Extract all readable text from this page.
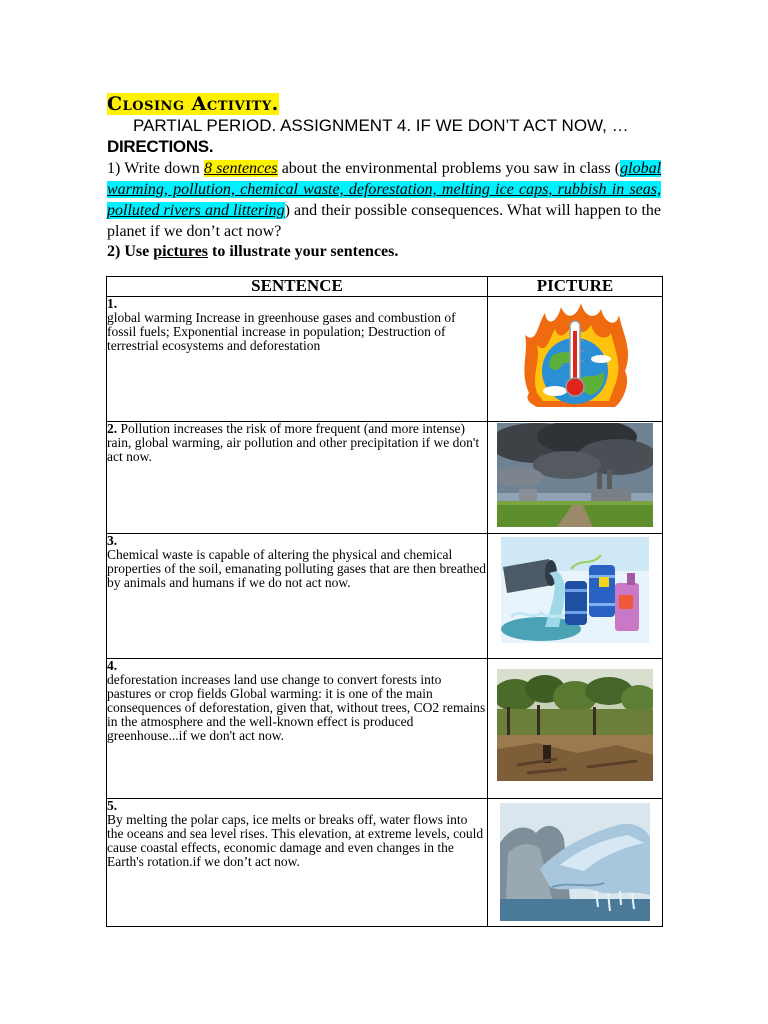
Closing Activity.
PARTIAL PERIOD. ASSIGNMENT 4. IF WE DON’T ACT NOW, …
DIRECTIONS.
1) Write down 8 sentences about the environmental problems you saw in class (global warming, pollution, chemical waste, deforestation, melting ice caps, rubbish in seas, polluted rivers and littering) and their possible consequences. What will happen to the planet if we don’t act now?
2) Use pictures to illustrate your sentences.
SENTENCE	PICTURE
1.
global warming Increase in greenhouse gases and combustion of fossil fuels; Exponential increase in population; Destruction of terrestrial ecosystems and deforestation	

2. Pollution increases the risk of more frequent (and more intense) rain, global warming, air pollution and other precipitation if we don't act now.	

3.
Chemical waste is capable of altering the physical and chemical properties of the soil, emanating polluting gases that are then breathed by animals and humans if we do not act now.	

4.
deforestation increases land use change to convert forests into pastures or crop fields Global warming: it is one of the main consequences of deforestation, given that, without trees, CO2 remains in the atmosphere and the well-known effect is produced greenhouse...if we don't act now.	

5.
By melting the polar caps, ice melts or breaks off, water flows into the oceans and sea level rises. This elevation, at extreme levels, could cause coastal effects, economic damage and even changes in the Earth's rotation.if we don’t act now.	
